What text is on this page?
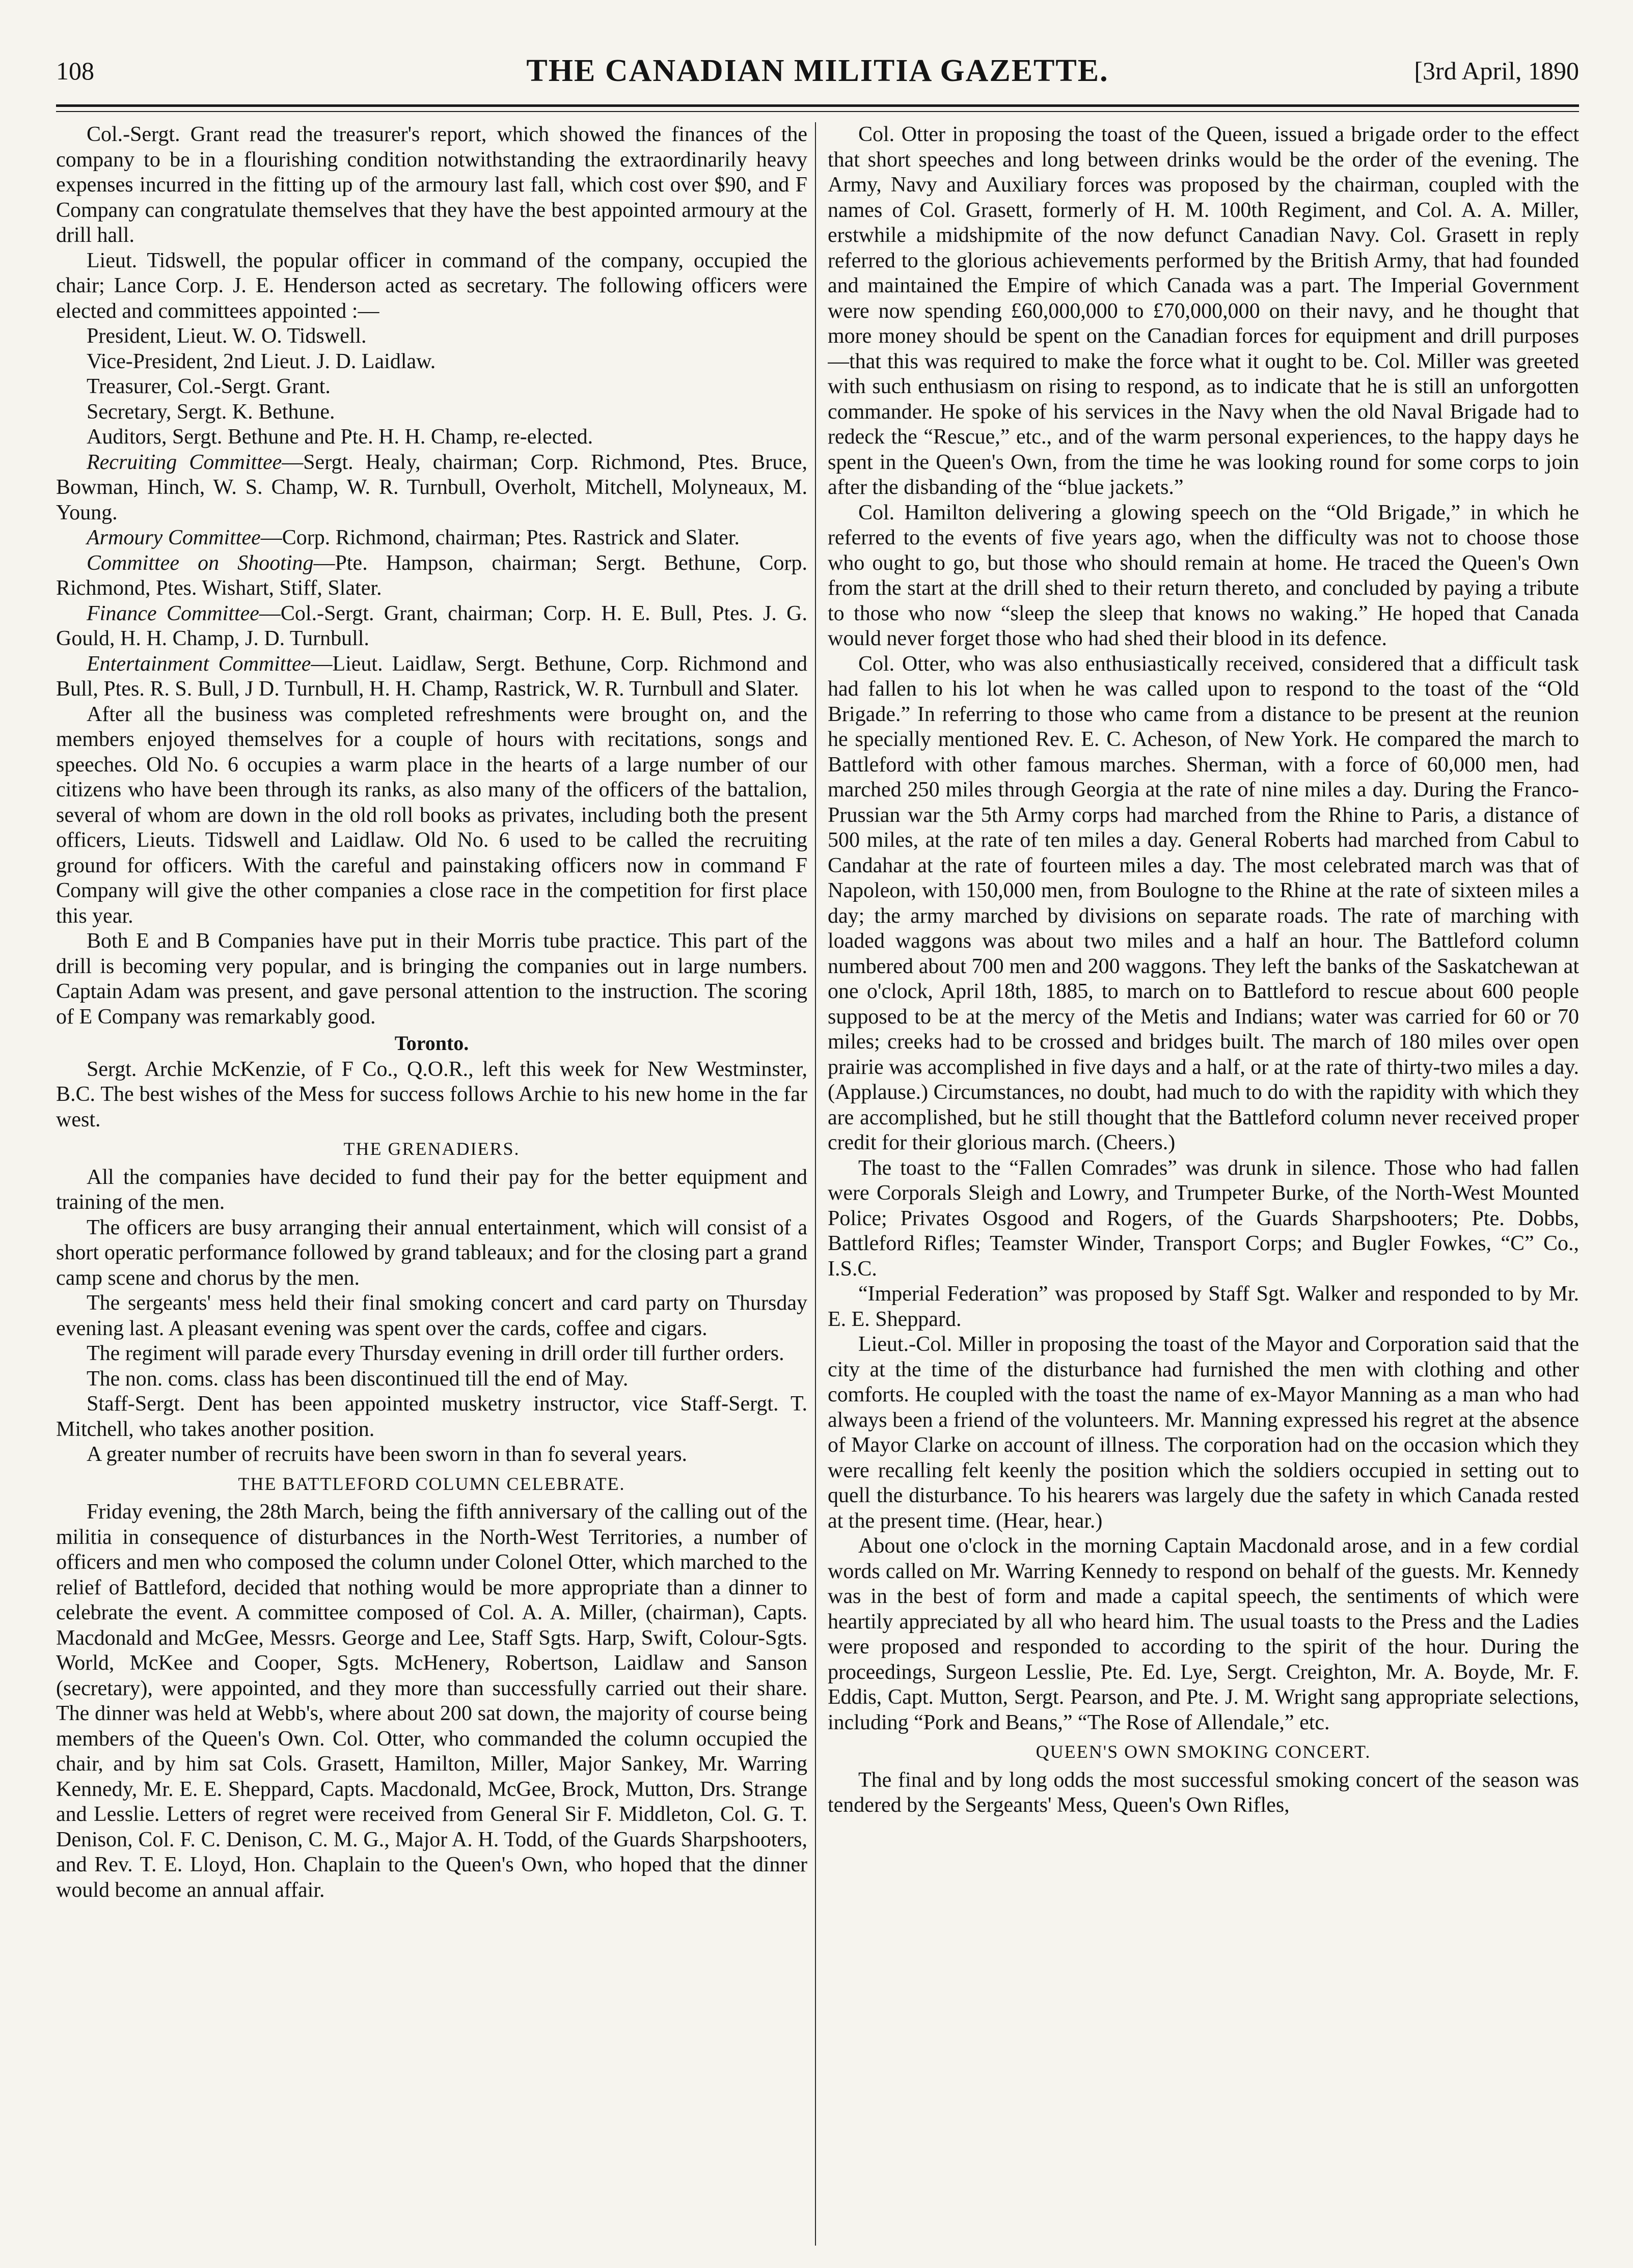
108	THE CANADIAN MILITIA GAZETTE.	[3rd April, 1890

Col.-Sergt. Grant read the treasurer's report, which showed the finances of the company to be in a flourishing condition notwithstanding the extraordinarily heavy expenses incurred in the fitting up of the armoury last fall, which cost over $90, and F Company can congratulate themselves that they have the best appointed armoury at the drill hall.

Lieut. Tidswell, the popular officer in command of the company, occupied the chair; Lance Corp. J. E. Henderson acted as secretary. The following officers were elected and committees appointed :—

President, Lieut. W. O. Tidswell.

Vice-President, 2nd Lieut. J. D. Laidlaw.

Treasurer, Col.-Sergt. Grant.

Secretary, Sergt. K. Bethune.

Auditors, Sergt. Bethune and Pte. H. H. Champ, re-elected.

Recruiting Committee—Sergt. Healy, chairman; Corp. Richmond, Ptes. Bruce, Bowman, Hinch, W. S. Champ, W. R. Turnbull, Overholt, Mitchell, Molyneaux, M. Young.

Armoury Committee—Corp. Richmond, chairman; Ptes. Rastrick and Slater.

Committee on Shooting—Pte. Hampson, chairman; Sergt. Bethune, Corp. Richmond, Ptes. Wishart, Stiff, Slater.

Finance Committee—Col.-Sergt. Grant, chairman; Corp. H. E. Bull, Ptes. J. G. Gould, H. H. Champ, J. D. Turnbull.

Entertainment Committee—Lieut. Laidlaw, Sergt. Bethune, Corp. Richmond and Bull, Ptes. R. S. Bull, J D. Turnbull, H. H. Champ, Rastrick, W. R. Turnbull and Slater.

After all the business was completed refreshments were brought on, and the members enjoyed themselves for a couple of hours with recitations, songs and speeches. Old No. 6 occupies a warm place in the hearts of a large number of our citizens who have been through its ranks, as also many of the officers of the battalion, several of whom are down in the old roll books as privates, including both the present officers, Lieuts. Tidswell and Laidlaw. Old No. 6 used to be called the recruiting ground for officers. With the careful and painstaking officers now in command F Company will give the other companies a close race in the competition for first place this year.

Both E and B Companies have put in their Morris tube practice. This part of the drill is becoming very popular, and is bringing the companies out in large numbers. Captain Adam was present, and gave personal attention to the instruction. The scoring of E Company was remarkably good.

Toronto.

Sergt. Archie McKenzie, of F Co., Q.O.R., left this week for New Westminster, B.C. The best wishes of the Mess for success follows Archie to his new home in the far west.

THE GRENADIERS.

All the companies have decided to fund their pay for the better equipment and training of the men.

The officers are busy arranging their annual entertainment, which will consist of a short operatic performance followed by grand tableaux; and for the closing part a grand camp scene and chorus by the men.

The sergeants' mess held their final smoking concert and card party on Thursday evening last. A pleasant evening was spent over the cards, coffee and cigars.

The regiment will parade every Thursday evening in drill order till further orders.

The non. coms. class has been discontinued till the end of May.

Staff-Sergt. Dent has been appointed musketry instructor, vice Staff-Sergt. T. Mitchell, who takes another position.

A greater number of recruits have been sworn in than fo several years.

THE BATTLEFORD COLUMN CELEBRATE.

Friday evening, the 28th March, being the fifth anniversary of the calling out of the militia in consequence of disturbances in the North-West Territories, a number of officers and men who composed the column under Colonel Otter, which marched to the relief of Battleford, decided that nothing would be more appropriate than a dinner to celebrate the event. A committee composed of Col. A. A. Miller, (chairman), Capts. Macdonald and McGee, Messrs. George and Lee, Staff Sgts. Harp, Swift, Colour-Sgts. World, McKee and Cooper, Sgts. McHenery, Robertson, Laidlaw and Sanson (secretary), were appointed, and they more than successfully carried out their share. The dinner was held at Webb's, where about 200 sat down, the majority of course being members of the Queen's Own. Col. Otter, who commanded the column occupied the chair, and by him sat Cols. Grasett, Hamilton, Miller, Major Sankey, Mr. Warring Kennedy, Mr. E. E. Sheppard, Capts. Macdonald, McGee, Brock, Mutton, Drs. Strange and Lesslie. Letters of regret were received from General Sir F. Middleton, Col. G. T. Denison, Col. F. C. Denison, C. M. G., Major A. H. Todd, of the Guards Sharpshooters, and Rev. T. E. Lloyd, Hon. Chaplain to the Queen's Own, who hoped that the dinner would become an annual affair.

Col. Otter in proposing the toast of the Queen, issued a brigade order to the effect that short speeches and long between drinks would be the order of the evening. The Army, Navy and Auxiliary forces was proposed by the chairman, coupled with the names of Col. Grasett, formerly of H. M. 100th Regiment, and Col. A. A. Miller, erstwhile a midshipmite of the now defunct Canadian Navy. Col. Grasett in reply referred to the glorious achievements performed by the British Army, that had founded and maintained the Empire of which Canada was a part. The Imperial Government were now spending £60,000,000 to £70,000,000 on their navy, and he thought that more money should be spent on the Canadian forces for equipment and drill purposes—that this was required to make the force what it ought to be. Col. Miller was greeted with such enthusiasm on rising to respond, as to indicate that he is still an unforgotten commander. He spoke of his services in the Navy when the old Naval Brigade had to redeck the “Rescue,” etc., and of the warm personal experiences, to the happy days he spent in the Queen's Own, from the time he was looking round for some corps to join after the disbanding of the “blue jackets.”

Col. Hamilton delivering a glowing speech on the “Old Brigade,” in which he referred to the events of five years ago, when the difficulty was not to choose those who ought to go, but those who should remain at home. He traced the Queen's Own from the start at the drill shed to their return thereto, and concluded by paying a tribute to those who now “sleep the sleep that knows no waking.” He hoped that Canada would never forget those who had shed their blood in its defence.

Col. Otter, who was also enthusiastically received, considered that a difficult task had fallen to his lot when he was called upon to respond to the toast of the “Old Brigade.” In referring to those who came from a distance to be present at the reunion he specially mentioned Rev. E. C. Acheson, of New York. He compared the march to Battleford with other famous marches. Sherman, with a force of 60,000 men, had marched 250 miles through Georgia at the rate of nine miles a day. During the Franco-Prussian war the 5th Army corps had marched from the Rhine to Paris, a distance of 500 miles, at the rate of ten miles a day. General Roberts had marched from Cabul to Candahar at the rate of fourteen miles a day. The most celebrated march was that of Napoleon, with 150,000 men, from Boulogne to the Rhine at the rate of sixteen miles a day; the army marched by divisions on separate roads. The rate of marching with loaded waggons was about two miles and a half an hour. The Battleford column numbered about 700 men and 200 waggons. They left the banks of the Saskatchewan at one o'clock, April 18th, 1885, to march on to Battleford to rescue about 600 people supposed to be at the mercy of the Metis and Indians; water was carried for 60 or 70 miles; creeks had to be crossed and bridges built. The march of 180 miles over open prairie was accomplished in five days and a half, or at the rate of thirty-two miles a day. (Applause.) Circumstances, no doubt, had much to do with the rapidity with which they are accomplished, but he still thought that the Battleford column never received proper credit for their glorious march. (Cheers.)

The toast to the “Fallen Comrades” was drunk in silence. Those who had fallen were Corporals Sleigh and Lowry, and Trumpeter Burke, of the North-West Mounted Police; Privates Osgood and Rogers, of the Guards Sharpshooters; Pte. Dobbs, Battleford Rifles; Teamster Winder, Transport Corps; and Bugler Fowkes, “C” Co., I.S.C.

“Imperial Federation” was proposed by Staff Sgt. Walker and responded to by Mr. E. E. Sheppard.

Lieut.-Col. Miller in proposing the toast of the Mayor and Corporation said that the city at the time of the disturbance had furnished the men with clothing and other comforts. He coupled with the toast the name of ex-Mayor Manning as a man who had always been a friend of the volunteers. Mr. Manning expressed his regret at the absence of Mayor Clarke on account of illness. The corporation had on the occasion which they were recalling felt keenly the position which the soldiers occupied in setting out to quell the disturbance. To his hearers was largely due the safety in which Canada rested at the present time. (Hear, hear.)

About one o'clock in the morning Captain Macdonald arose, and in a few cordial words called on Mr. Warring Kennedy to respond on behalf of the guests. Mr. Kennedy was in the best of form and made a capital speech, the sentiments of which were heartily appreciated by all who heard him. The usual toasts to the Press and the Ladies were proposed and responded to according to the spirit of the hour. During the proceedings, Surgeon Lesslie, Pte. Ed. Lye, Sergt. Creighton, Mr. A. Boyde, Mr. F. Eddis, Capt. Mutton, Sergt. Pearson, and Pte. J. M. Wright sang appropriate selections, including “Pork and Beans,” “The Rose of Allendale,” etc.

QUEEN'S OWN SMOKING CONCERT.

The final and by long odds the most successful smoking concert of the season was tendered by the Sergeants' Mess, Queen's Own Rifles,
